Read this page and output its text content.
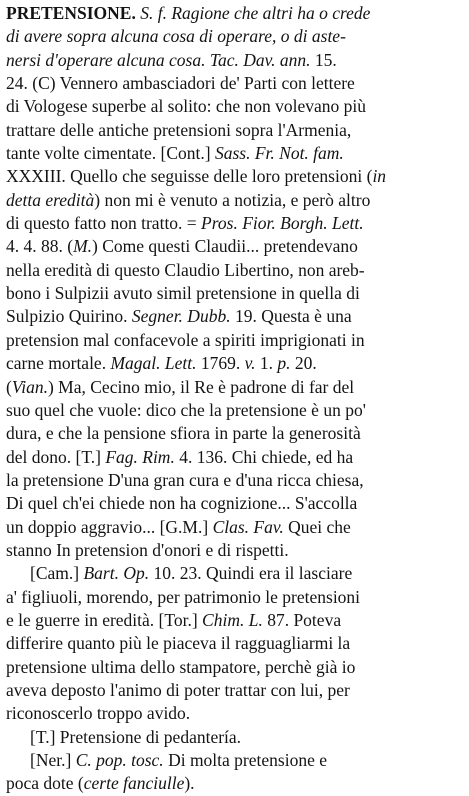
PRETENSIONE. S. f. Ragione che altri ha o crede
di avere sopra alcuna cosa di operare, o di aste-
nersi d'operare alcuna cosa. Tac. Dav. ann. 15.
24. (C) Vennero ambasciadori de' Parti con lettere
di Vologese superbe al solito: che non volevano più
trattare delle antiche pretensioni sopra l'Armenia,
tante volte cimentate. [Cont.] Sass. Fr. Not. fam.
XXXIII. Quello che seguisse delle loro pretensioni (in
detta eredità) non mi è venuto a notizia, e però altro
di questo fatto non tratto. = Pros. Fior. Borgh. Lett.
4. 4. 88. (M.) Come questi Claudii... pretendevano
nella eredità di questo Claudio Libertino, non areb-
bono i Sulpizii avuto simil pretensione in quella di
Sulpizio Quirino. Segner. Dubb. 19. Questa è una
pretension mal confacevole a spiriti imprigionati in
carne mortale. Magal. Lett. 1769. v. 1. p. 20.
(Vian.) Ma, Cecino mio, il Re è padrone di far del
suo quel che vuole: dico che la pretensione è un po'
dura, e che la pensione sfiora in parte la generosità
del dono. [T.] Fag. Rim. 4. 136. Chi chiede, ed ha
la pretensione D'una gran cura e d'una ricca chiesa,
Di quel ch'ei chiede non ha cognizione... S'accolla
un doppio aggravio... [G.M.] Clas. Fav. Quei che
stanno In pretension d'onori e di rispetti.
[Cam.] Bart. Op. 10. 23. Quindi era il lasciare
a' figliuoli, morendo, per patrimonio le pretensioni
e le guerre in eredità. [Tor.] Chim. L. 87. Poteva
differire quanto più le piaceva il ragguagliarmi la
pretensione ultima dello stampatore, perchè già io
aveva deposto l'animo di poter trattar con lui, per
riconoscerlo troppo avido.
[T.] Pretensione di pedantería.
[Ner.] C. pop. tosc. Di molta pretensione e
poca dote (certe fanciulle).
